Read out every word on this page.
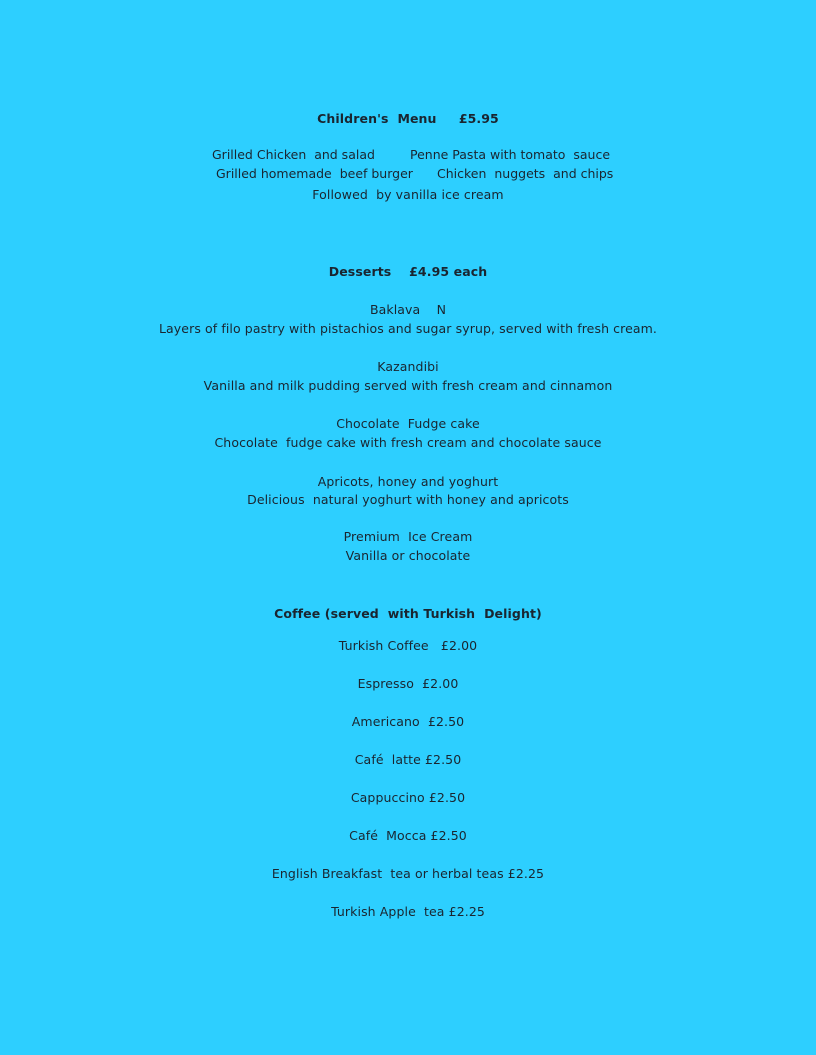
Children's  Menu     £5.95
Grilled Chicken  and salad	Penne Pasta with tomato  sauce
Grilled homemade  beef burger Chicken  nuggets  and chips
Followed  by vanilla ice cream
Desserts    £4.95 each
Baklava    N
Layers of filo pastry with pistachios and sugar syrup, served with fresh cream.
Kazandibi
Vanilla and milk pudding served with fresh cream and cinnamon
Chocolate  Fudge cake
Chocolate  fudge cake with fresh cream and chocolate sauce
Apricots, honey and yoghurt
Delicious  natural yoghurt with honey and apricots
Premium  Ice Cream
Vanilla or chocolate
Coffee (served  with Turkish  Delight)
Turkish Coffee   £2.00
Espresso  £2.00
Americano  £2.50
Café  latte £2.50
Cappuccino £2.50
Café  Mocca £2.50
English Breakfast  tea or herbal teas £2.25
Turkish Apple  tea £2.25
